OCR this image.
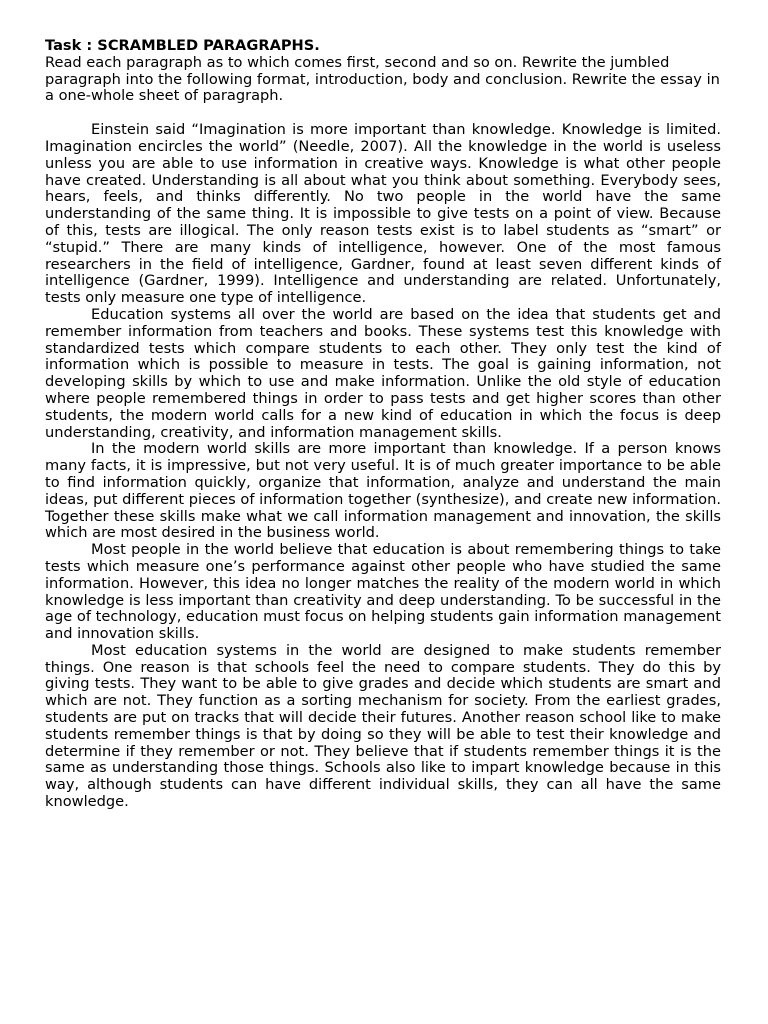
Task : SCRAMBLED PARAGRAPHS.

Read each paragraph as to which comes first, second and so on. Rewrite the jumbled paragraph into the following format, introduction, body and conclusion. Rewrite the essay in a one-whole sheet of paragraph.

Einstein said “Imagination is more important than knowledge. Knowledge is limited. Imagination encircles the world” (Needle, 2007). All the knowledge in the world is useless unless you are able to use information in creative ways. Knowledge is what other people have created. Understanding is all about what you think about something. Everybody sees, hears, feels, and thinks differently. No two people in the world have the same understanding of the same thing. It is impossible to give tests on a point of view. Because of this, tests are illogical. The only reason tests exist is to label students as “smart” or “stupid.” There are many kinds of intelligence, however. One of the most famous researchers in the field of intelligence, Gardner, found at least seven different kinds of intelligence (Gardner, 1999). Intelligence and understanding are related. Unfortunately, tests only measure one type of intelligence.

Education systems all over the world are based on the idea that students get and remember information from teachers and books. These systems test this knowledge with standardized tests which compare students to each other. They only test the kind of information which is possible to measure in tests. The goal is gaining information, not developing skills by which to use and make information. Unlike the old style of education where people remembered things in order to pass tests and get higher scores than other students, the modern world calls for a new kind of education in which the focus is deep understanding, creativity, and information management skills.

In the modern world skills are more important than knowledge. If a person knows many facts, it is impressive, but not very useful. It is of much greater importance to be able to find information quickly, organize that information, analyze and understand the main ideas, put different pieces of information together (synthesize), and create new information. Together these skills make what we call information management and innovation, the skills which are most desired in the business world.

Most people in the world believe that education is about remembering things to take tests which measure one’s performance against other people who have studied the same information. However, this idea no longer matches the reality of the modern world in which knowledge is less important than creativity and deep understanding. To be successful in the age of technology, education must focus on helping students gain information management and innovation skills.

Most education systems in the world are designed to make students remember things. One reason is that schools feel the need to compare students. They do this by giving tests. They want to be able to give grades and decide which students are smart and which are not. They function as a sorting mechanism for society. From the earliest grades, students are put on tracks that will decide their futures. Another reason school like to make students remember things is that by doing so they will be able to test their knowledge and determine if they remember or not. They believe that if students remember things it is the same as understanding those things. Schools also like to impart knowledge because in this way, although students can have different individual skills, they can all have the same knowledge.
